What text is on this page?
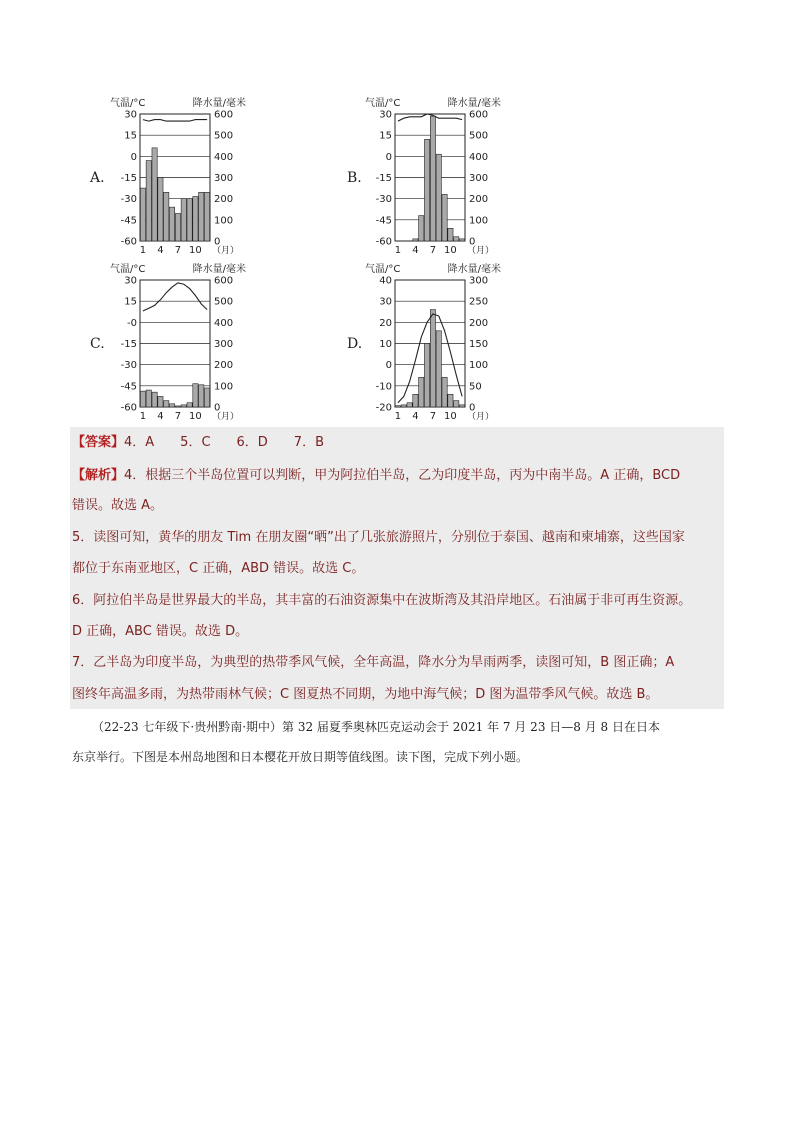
A.
气温/°C	降水量/毫米
30	600
15	500
0	400
-15	300
-30	200
-45	100
-60	0
1 4 7 10 （月）
B.
气温/°C	降水量/毫米
30	600
15	500
0	400
-15	300
-30	200
-45	100
-60	0
1 4 7 10 （月）
C.
气温/°C	降水量/毫米
30	600
15	500
-0	400
-15	300
-30	200
-45	100
-60	0
1 4 7 10 （月）
D.
气温/°C	降水量/毫米
40	300
30	250
20	200
10	150
0	100
-10	50
-20	0
1 4 7 10 （月）
【答案】4．A　　5．C　　6．D　　7．B
【解析】4．根据三个半岛位置可以判断，甲为阿拉伯半岛，乙为印度半岛，丙为中南半岛。A 正确，BCD
错误。故选 A。
5．读图可知，黄华的朋友 Tim 在朋友圈“晒”出了几张旅游照片，分别位于泰国、越南和柬埔寨，这些国家
都位于东南亚地区，C 正确，ABD 错误。故选 C。
6．阿拉伯半岛是世界最大的半岛，其丰富的石油资源集中在波斯湾及其沿岸地区。石油属于非可再生资源。
D 正确，ABC 错误。故选 D。
7．乙半岛为印度半岛，为典型的热带季风气候，全年高温，降水分为旱雨两季，读图可知，B 图正确；A
图终年高温多雨，为热带雨林气候；C 图夏热不同期，为地中海气候；D 图为温带季风气候。故选 B。
（22-23 七年级下·贵州黔南·期中）第 32 届夏季奥林匹克运动会于 2021 年 7 月 23 日—8 月 8 日在日本
东京举行。下图是本州岛地图和日本樱花开放日期等值线图。读下图，完成下列小题。
